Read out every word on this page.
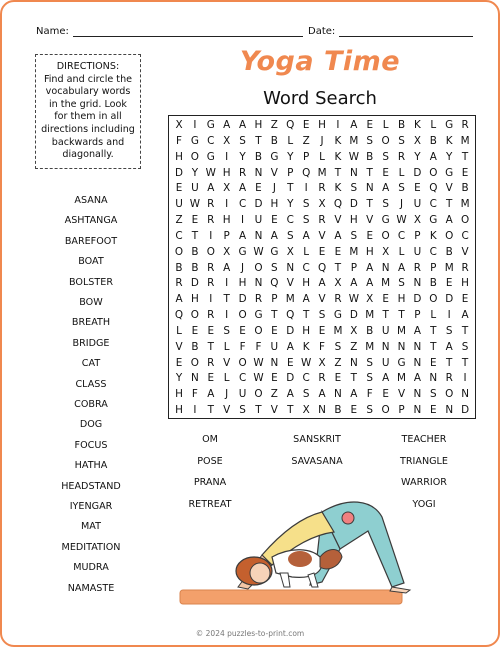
Name:	Date:
DIRECTIONS:
Find and circle the
vocabulary words
in the grid. Look
for them in all
directions including
backwards and
diagonally.
Yoga Time
Word Search
X	I G A A H Z Q E H	I	A E L B K L G R
F G C X S T B L Z	J	K M S O S X B K M
H O G I	Y B G Y P L K W B S R Y A Y T
D Y W H R N V P Q M T N T E L D O G E
E U A X A E	J	T	I	R K S N A S E Q V B
U W R	I	C D H Y S X Q D T S	J	U C T M
Z E R H	I	U E C S R V H V G W X G A O
C T	I	P A N A S A V A S E O C P K O C
O B O X G W G X L E E M H X L U C B V
B B R A	J O S N C Q T P A N A R P M R
R D R	I	H N Q V H A X A A M S N B E H
A H	I	T D R P M A V R W X E H D O D E
Q O R	I O G T Q T S G D M T T P L	I	A
L E E S E O E D H E M X B U M A T S T
V B T L F F U A K F S Z M N N N T A S
E O R V O W N E W X Z N S U G N E T T
Y N E L C W E D C R E T S A M A N R	I
H F A	J	U O Z A S A N A F E V N S O N
H	I	T V S T V T X N B E S O P N E N D
ASANA
ASHTANGA
BAREFOOT
BOAT
BOLSTER
BOW
BREATH
BRIDGE
CAT
CLASS
COBRA
DOG
FOCUS
HATHA
HEADSTAND
IYENGAR
MAT
MEDITATION
MUDRA
NAMASTE
OM
POSE
PRANA
RETREAT
SANSKRIT
SAVASANA
TEACHER
TRIANGLE
WARRIOR
YOGI
© 2024 puzzles-to-print.com
